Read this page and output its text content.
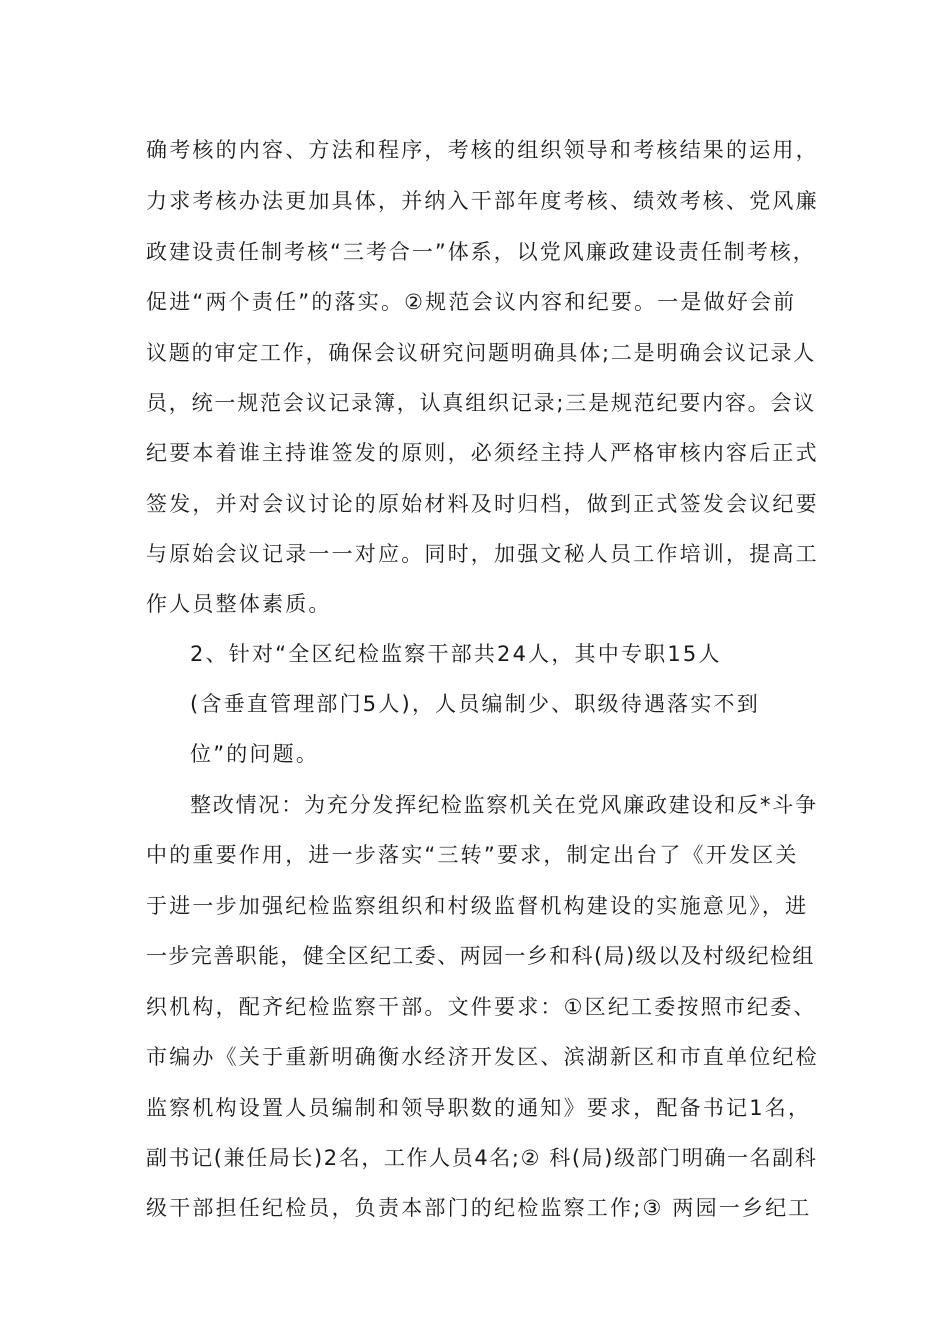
确考核的内容、方法和程序，考核的组织领导和考核结果的运用，
力求考核办法更加具体，并纳入干部年度考核、绩效考核、党风廉
政建设责任制考核“三考合一”体系，以党风廉政建设责任制考核，
促进“两个责任”的落实。②规范会议内容和纪要。一是做好会前
议题的审定工作，确保会议研究问题明确具体;二是明确会议记录人
员，统一规范会议记录簿，认真组织记录;三是规范纪要内容。会议
纪要本着谁主持谁签发的原则，必须经主持人严格审核内容后正式
签发，并对会议讨论的原始材料及时归档，做到正式签发会议纪要
与原始会议记录一一对应。同时，加强文秘人员工作培训，提高工
作人员整体素质。
2、针对“全区纪检监察干部共24人，其中专职15人
(含垂直管理部门5人)，人员编制少、职级待遇落实不到
位”的问题。
整改情况：为充分发挥纪检监察机关在党风廉政建设和反*斗争
中的重要作用，进一步落实“三转”要求，制定出台了《开发区关
于进一步加强纪检监察组织和村级监督机构建设的实施意见》，进
一步完善职能，健全区纪工委、两园一乡和科(局)级以及村级纪检组
织机构，配齐纪检监察干部。文件要求：①区纪工委按照市纪委、
市编办《关于重新明确衡水经济开发区、滨湖新区和市直单位纪检
监察机构设置人员编制和领导职数的通知》要求，配备书记1名，
副书记(兼任局长)2名，工作人员4名;② 科(局)级部门明确一名副科
级干部担任纪检员，负责本部门的纪检监察工作;③ 两园一乡纪工
